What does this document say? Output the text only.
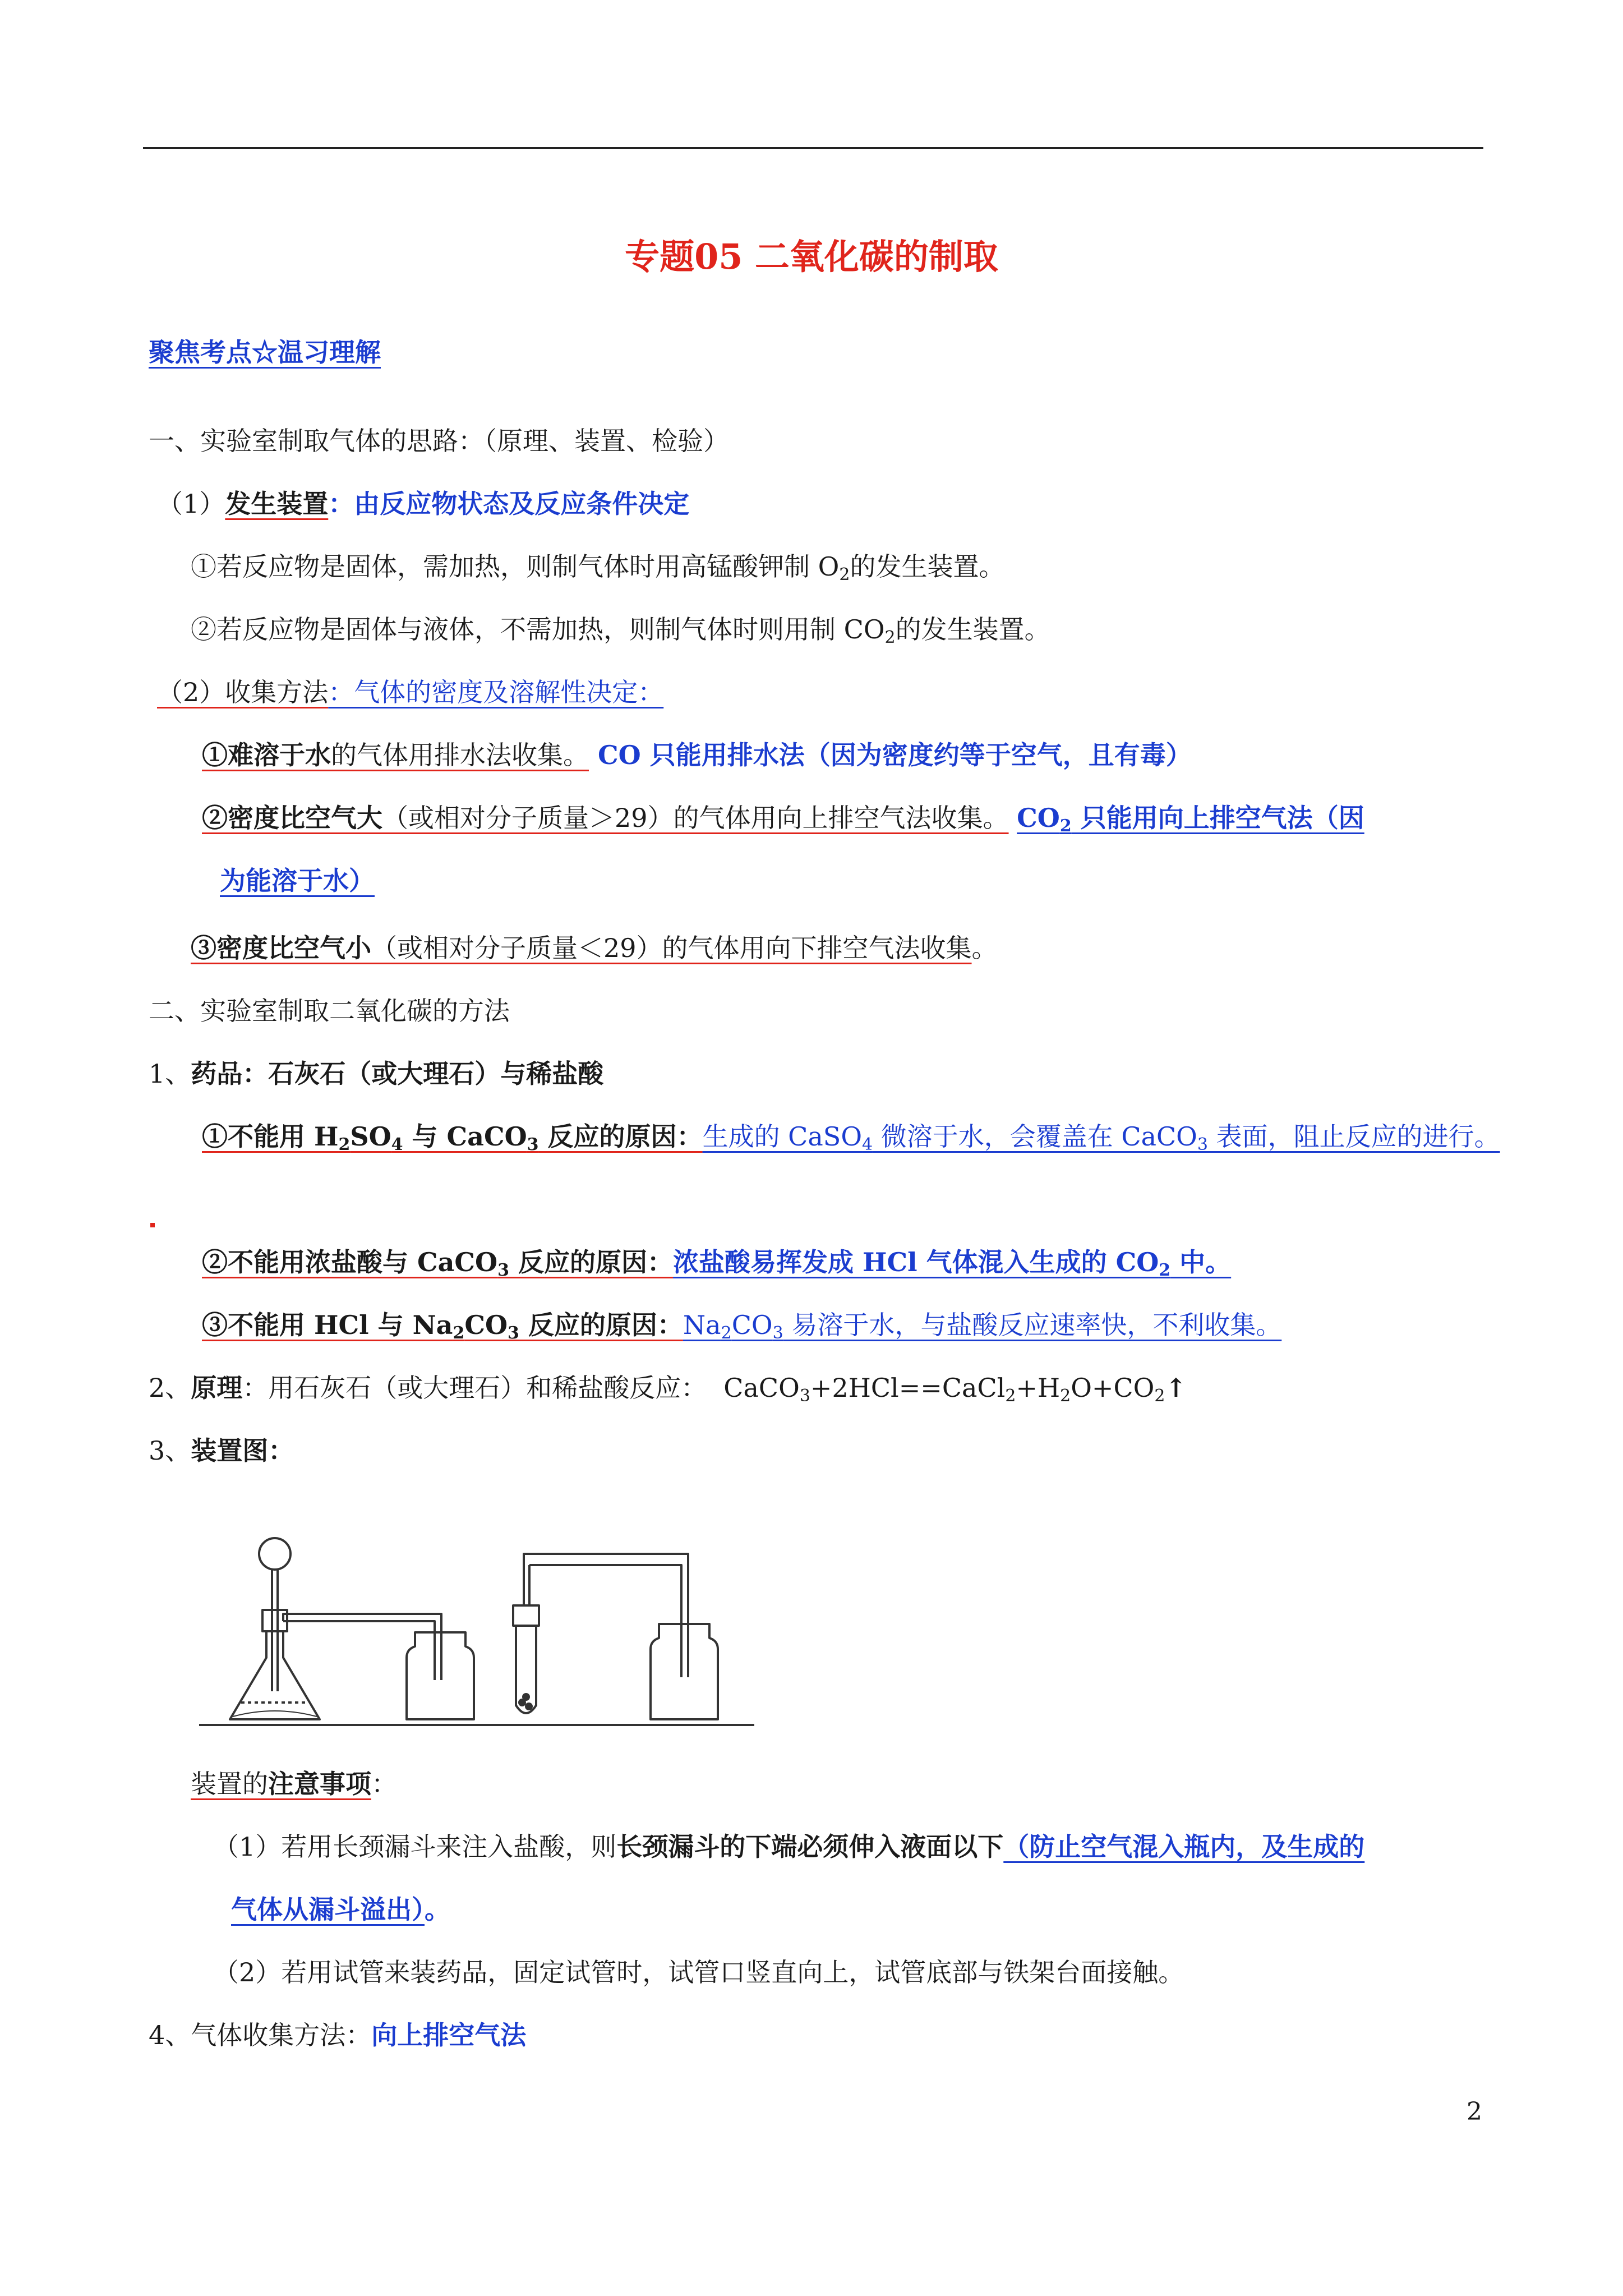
专题05 二氧化碳的制取
聚焦考点☆温习理解
一、实验室制取气体的思路：（原理、装置、检验）
（1）发生装置：由反应物状态及反应条件决定
①若反应物是固体，需加热，则制气体时用高锰酸钾制 $O_2$的发生装置。
②若反应物是固体与液体，不需加热，则制气体时则用制 $CO_2$的发生装置。
（2）收集方法：气体的密度及溶解性决定：
①难溶于水的气体用排水法收集。 CO 只能用排水法（因为密度约等于空气，且有毒）
②密度比空气大（或相对分子质量＞29）的气体用向上排空气法收集。 $CO_2$ 只能用向上排空气法（因
为能溶于水）
③密度比空气小（或相对分子质量＜29）的气体用向下排空气法收集。
二、实验室制取二氧化碳的方法
1、药品：石灰石（或大理石）与稀盐酸
①不能用 $H_2SO_4$ 与 CaCO$_3$ 反应的原因：生成的 CaSO$_4$ 微溶于水，会覆盖在 CaCO$_3$ 表面，阻止反应的进行。
②不能用浓盐酸与 CaCO$_3$ 反应的原因：浓盐酸易挥发成 HCl 气体混入生成的 $CO_2$ 中。
③不能用 HCl 与 $Na_2CO_3$ 反应的原因：$Na_2CO_3$ 易溶于水，与盐酸反应速率快，不利收集。
2、原理：用石灰石（或大理石）和稀盐酸反应： $CaCO_3+2HCl==CaCl_2+H_2O+CO_2↑$
3、装置图：
装置的注意事项：
（1）若用长颈漏斗来注入盐酸，则长颈漏斗的下端必须伸入液面以下（防止空气混入瓶内，及生成的
气体从漏斗溢出）。
（2）若用试管来装药品，固定试管时，试管口竖直向上，试管底部与铁架台面接触。
4、气体收集方法：向上排空气法
2
